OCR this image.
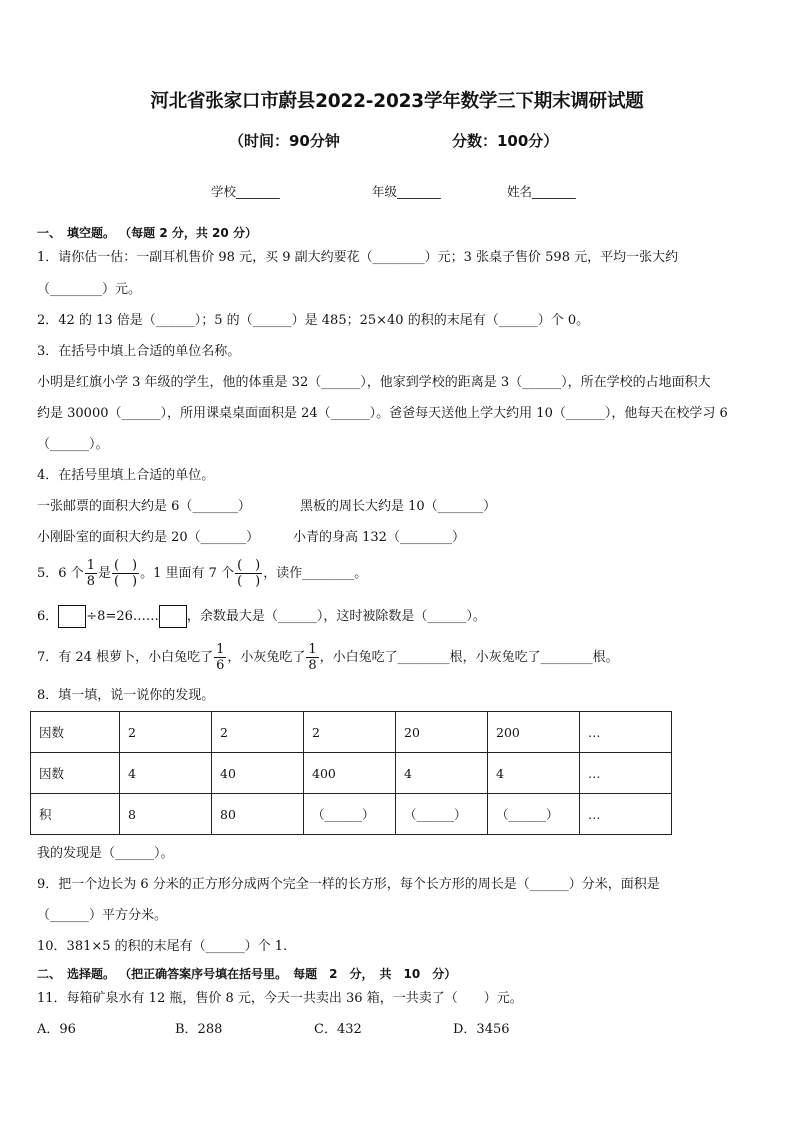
河北省张家口市蔚县2022-2023学年数学三下期末调研试题
（时间：90分钟	分数：100分）
学校_______	年级_______	姓名_______
一、　填空题。 （每题 2 分，共 20 分）
1．请你估一估：一副耳机售价 98 元，买 9 副大约要花（________）元；3 张桌子售价 598 元，平均一张大约
（________）元。
2．42 的 13 倍是（______）；5 的（______）是 485；25×40 的积的末尾有（______）个 0。
3．在括号中填上合适的单位名称。
小明是红旗小学 3 年级的学生，他的体重是 32（______），他家到学校的距离是 3（______），所在学校的占地面积大
约是 30000（______），所用课桌桌面面积是 24（______）。爸爸每天送他上学大约用 10（______），他每天在校学习 6
（______）。
4．在括号里填上合适的单位。
一张邮票的面积大约是 6（_______）	黑板的周长大约是 10（_______）
小刚卧室的面积大约是 20（_______）	小青的身高 132（________）
5．6 个 $\frac{1}{8}$ 是 $\frac{( )}{( )}$ 。1 里面有 7 个 $\frac{( )}{( )}$ ，读作________。
6． ÷8=26…… ，余数最大是（______），这时被除数是（______）。
7．有 24 根萝卜，小白兔吃了 $\frac{1}{6}$ ，小灰兔吃了 $\frac{1}{8}$ ，小白兔吃了________根，小灰兔吃了________根。
8．填一填，说一说你的发现。
因数	2	2	2	20	200	…
因数	4	40	400	4	4	…
积	8	80	（______）	（______）	（______）	…
我的发现是（______）。
9．把一个边长为 6 分米的正方形分成两个完全一样的长方形，每个长方形的周长是（______）分米，面积是
（______）平方分米。
10．381×5 的积的末尾有（______）个 1.
二、　选择题。 （把正确答案序号填在括号里。　每题　2　分，　共　10　分）
11．每箱矿泉水有 12 瓶，售价 8 元，今天一共卖出 36 箱，一共卖了（　　）元。
A．96	B．288	C．432	D．3456
